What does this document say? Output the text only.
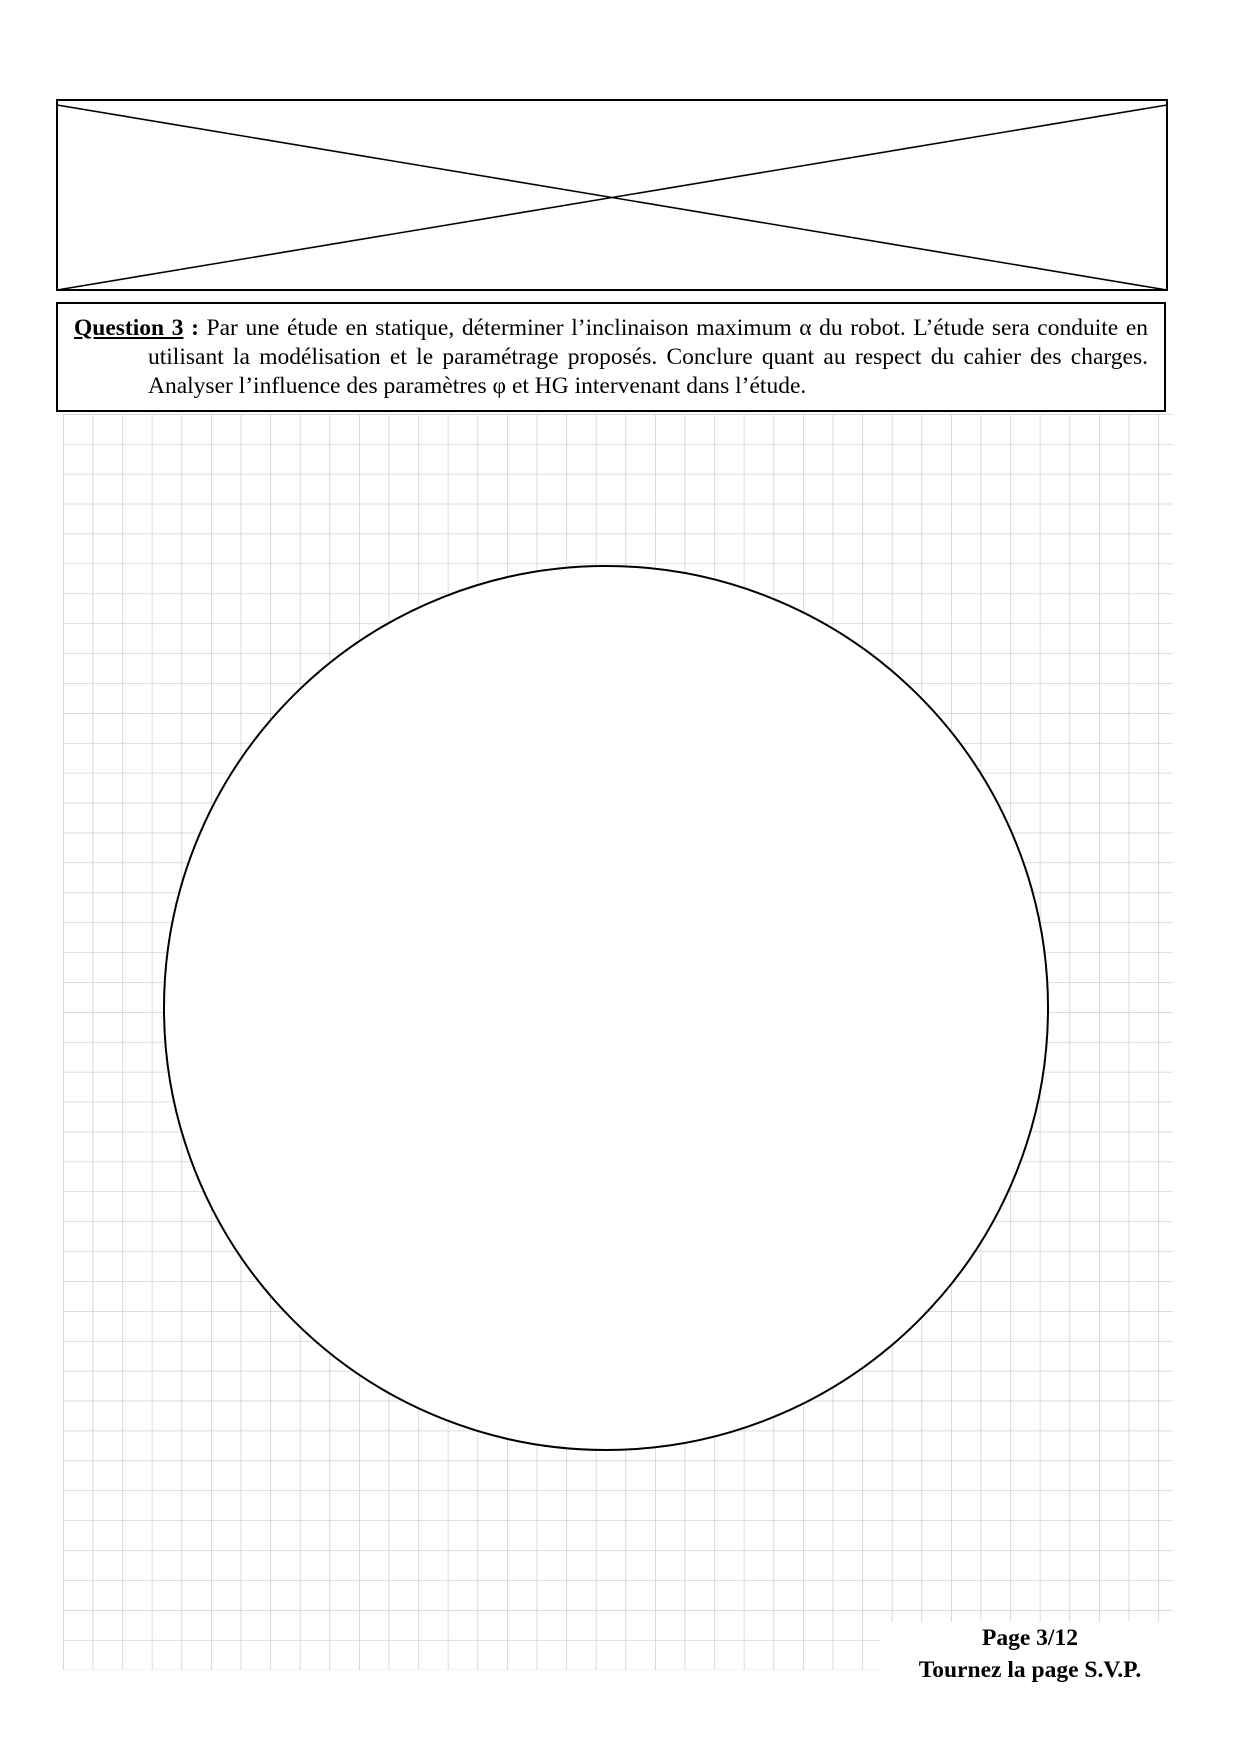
Question 3 : Par une étude en statique, déterminer l’inclinaison maximum α du robot. L’étude sera conduite en utilisant la modélisation et le paramétrage proposés. Conclure quant au respect du cahier des charges. Analyser l’influence des paramètres φ et HG intervenant dans l’étude.

Page 3/12
Tournez la page S.V.P.
